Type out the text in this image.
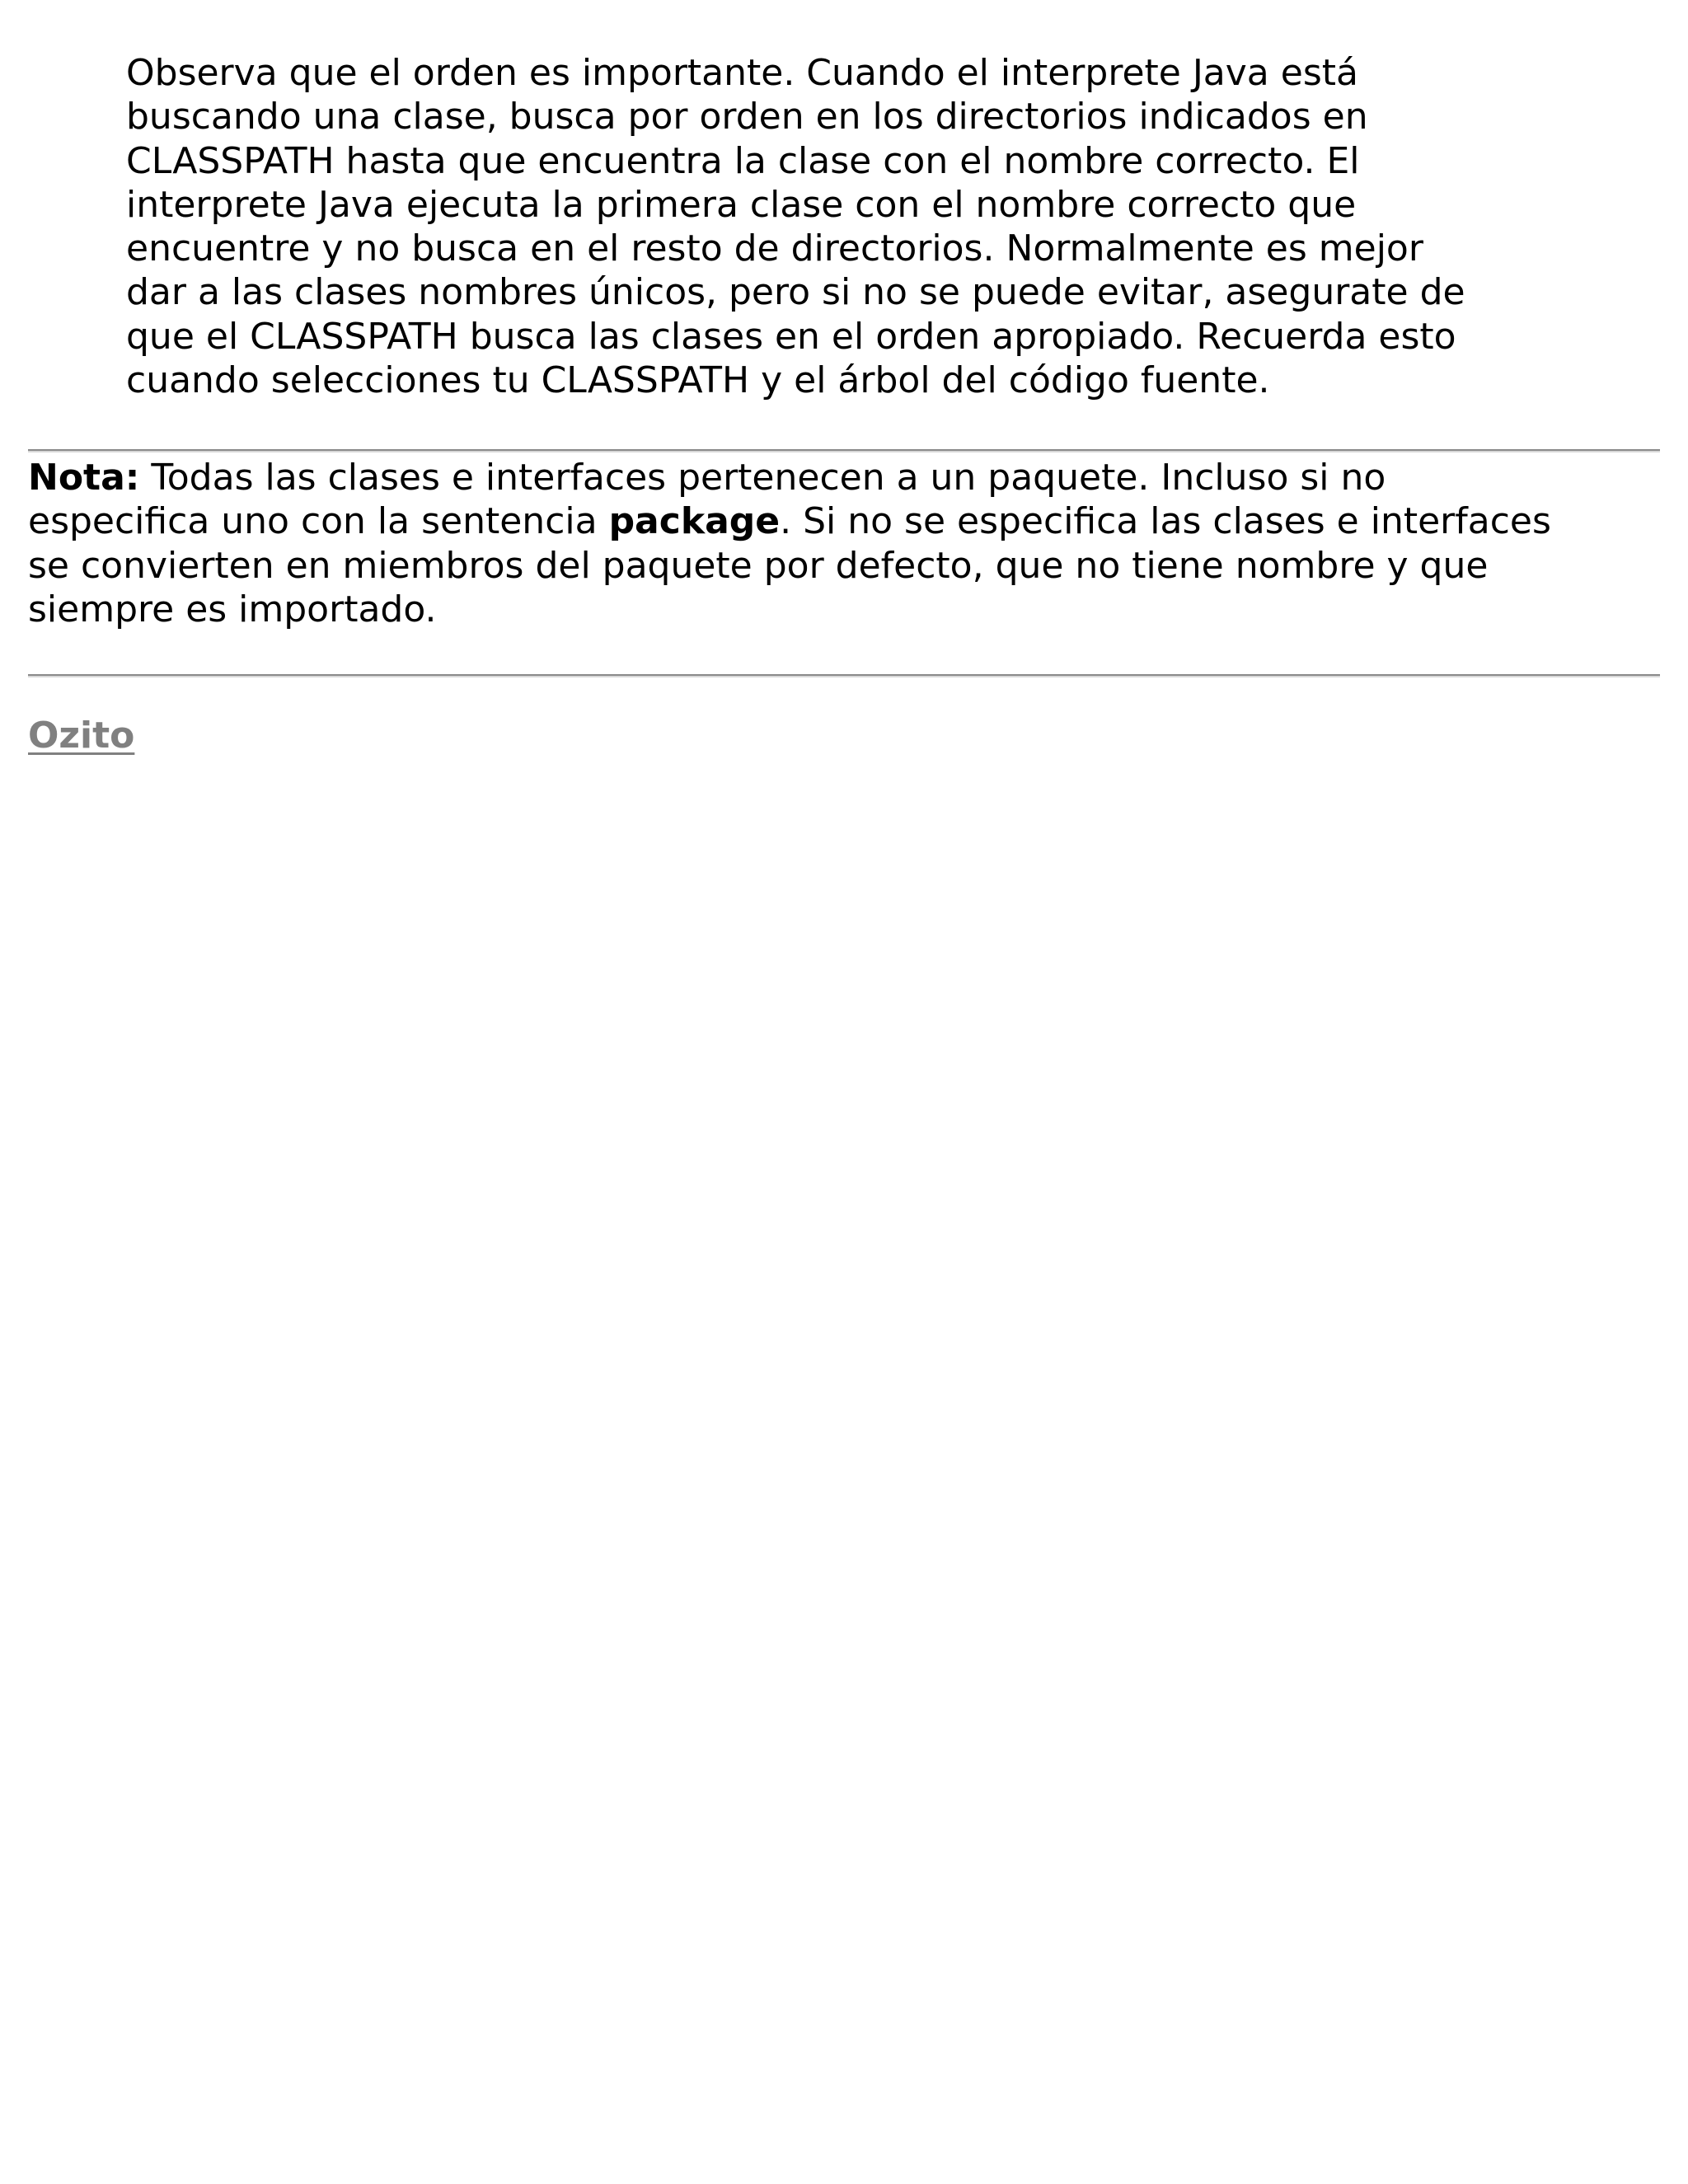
Observa que el orden es importante. Cuando el interprete Java está
buscando una clase, busca por orden en los directorios indicados en
CLASSPATH hasta que encuentra la clase con el nombre correcto. El
interprete Java ejecuta la primera clase con el nombre correcto que
encuentre y no busca en el resto de directorios. Normalmente es mejor
dar a las clases nombres únicos, pero si no se puede evitar, asegurate de
que el CLASSPATH busca las clases en el orden apropiado. Recuerda esto
cuando selecciones tu CLASSPATH y el árbol del código fuente.

Nota: Todas las clases e interfaces pertenecen a un paquete. Incluso si no
especifica uno con la sentencia package. Si no se especifica las clases e interfaces
se convierten en miembros del paquete por defecto, que no tiene nombre y que
siempre es importado.

Ozito
